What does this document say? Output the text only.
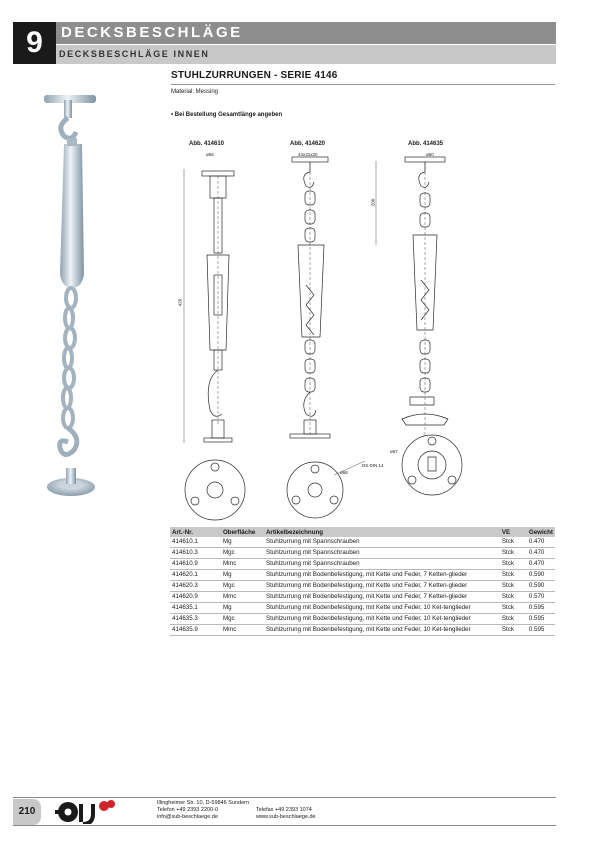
9	DECKSBESCHLÄGE
DECKSBESCHLÄGE INNEN
STUHLZURRUNGEN - SERIE 4146
Material: Messing
• Bei Bestellung Gesamtlänge angeben
Abb. 414610	Abb. 414620	Abb. 414635
ø56
420
44x31x20
ø68
DS DIN 14
ø50
200
ø67
Art.-Nr.	Oberfläche	Artikelbezeichnung	VE	Gewicht
414610.1	Mg	Stuhlzurrung mit Spannschrauben	Stck	0.470
414610.3	Mgc	Stuhlzurrung mit Spannschrauben	Stck	0.470
414610.9	Mmc	Stuhlzurrung mit Spannschrauben	Stck	0.470
414620.1	Mg	Stuhlzurrung mit Bodenbefestigung, mit Kette und Feder, 7 Ketten-glieder	Stck	0.590
414620.3	Mgc	Stuhlzurrung mit Bodenbefestigung, mit Kette und Feder, 7 Ketten-glieder	Stck	0.590
414620.9	Mmc	Stuhlzurrung mit Bodenbefestigung, mit Kette und Feder, 7 Ketten-glieder	Stck	0.570
414635.1	Mg	Stuhlzurrung mit Bodenbefestigung, mit Kette und Feder, 10 Ket-tenglieder	Stck	0.595
414635.3	Mgc	Stuhlzurrung mit Bodenbefestigung, mit Kette und Feder, 10 Ket-tenglieder	Stck	0.595
414635.9	Mmc	Stuhlzurrung mit Bodenbefestigung, mit Kette und Feder, 10 Ket-tenglieder	Stck	0.595
210
Illingheimer Str. 10, D-59846 Sundern
Telefon +49 2393 2200-0
info@sub-beschlaege.de
Telefax +49 2393 1074
www.sub-beschlaege.de
